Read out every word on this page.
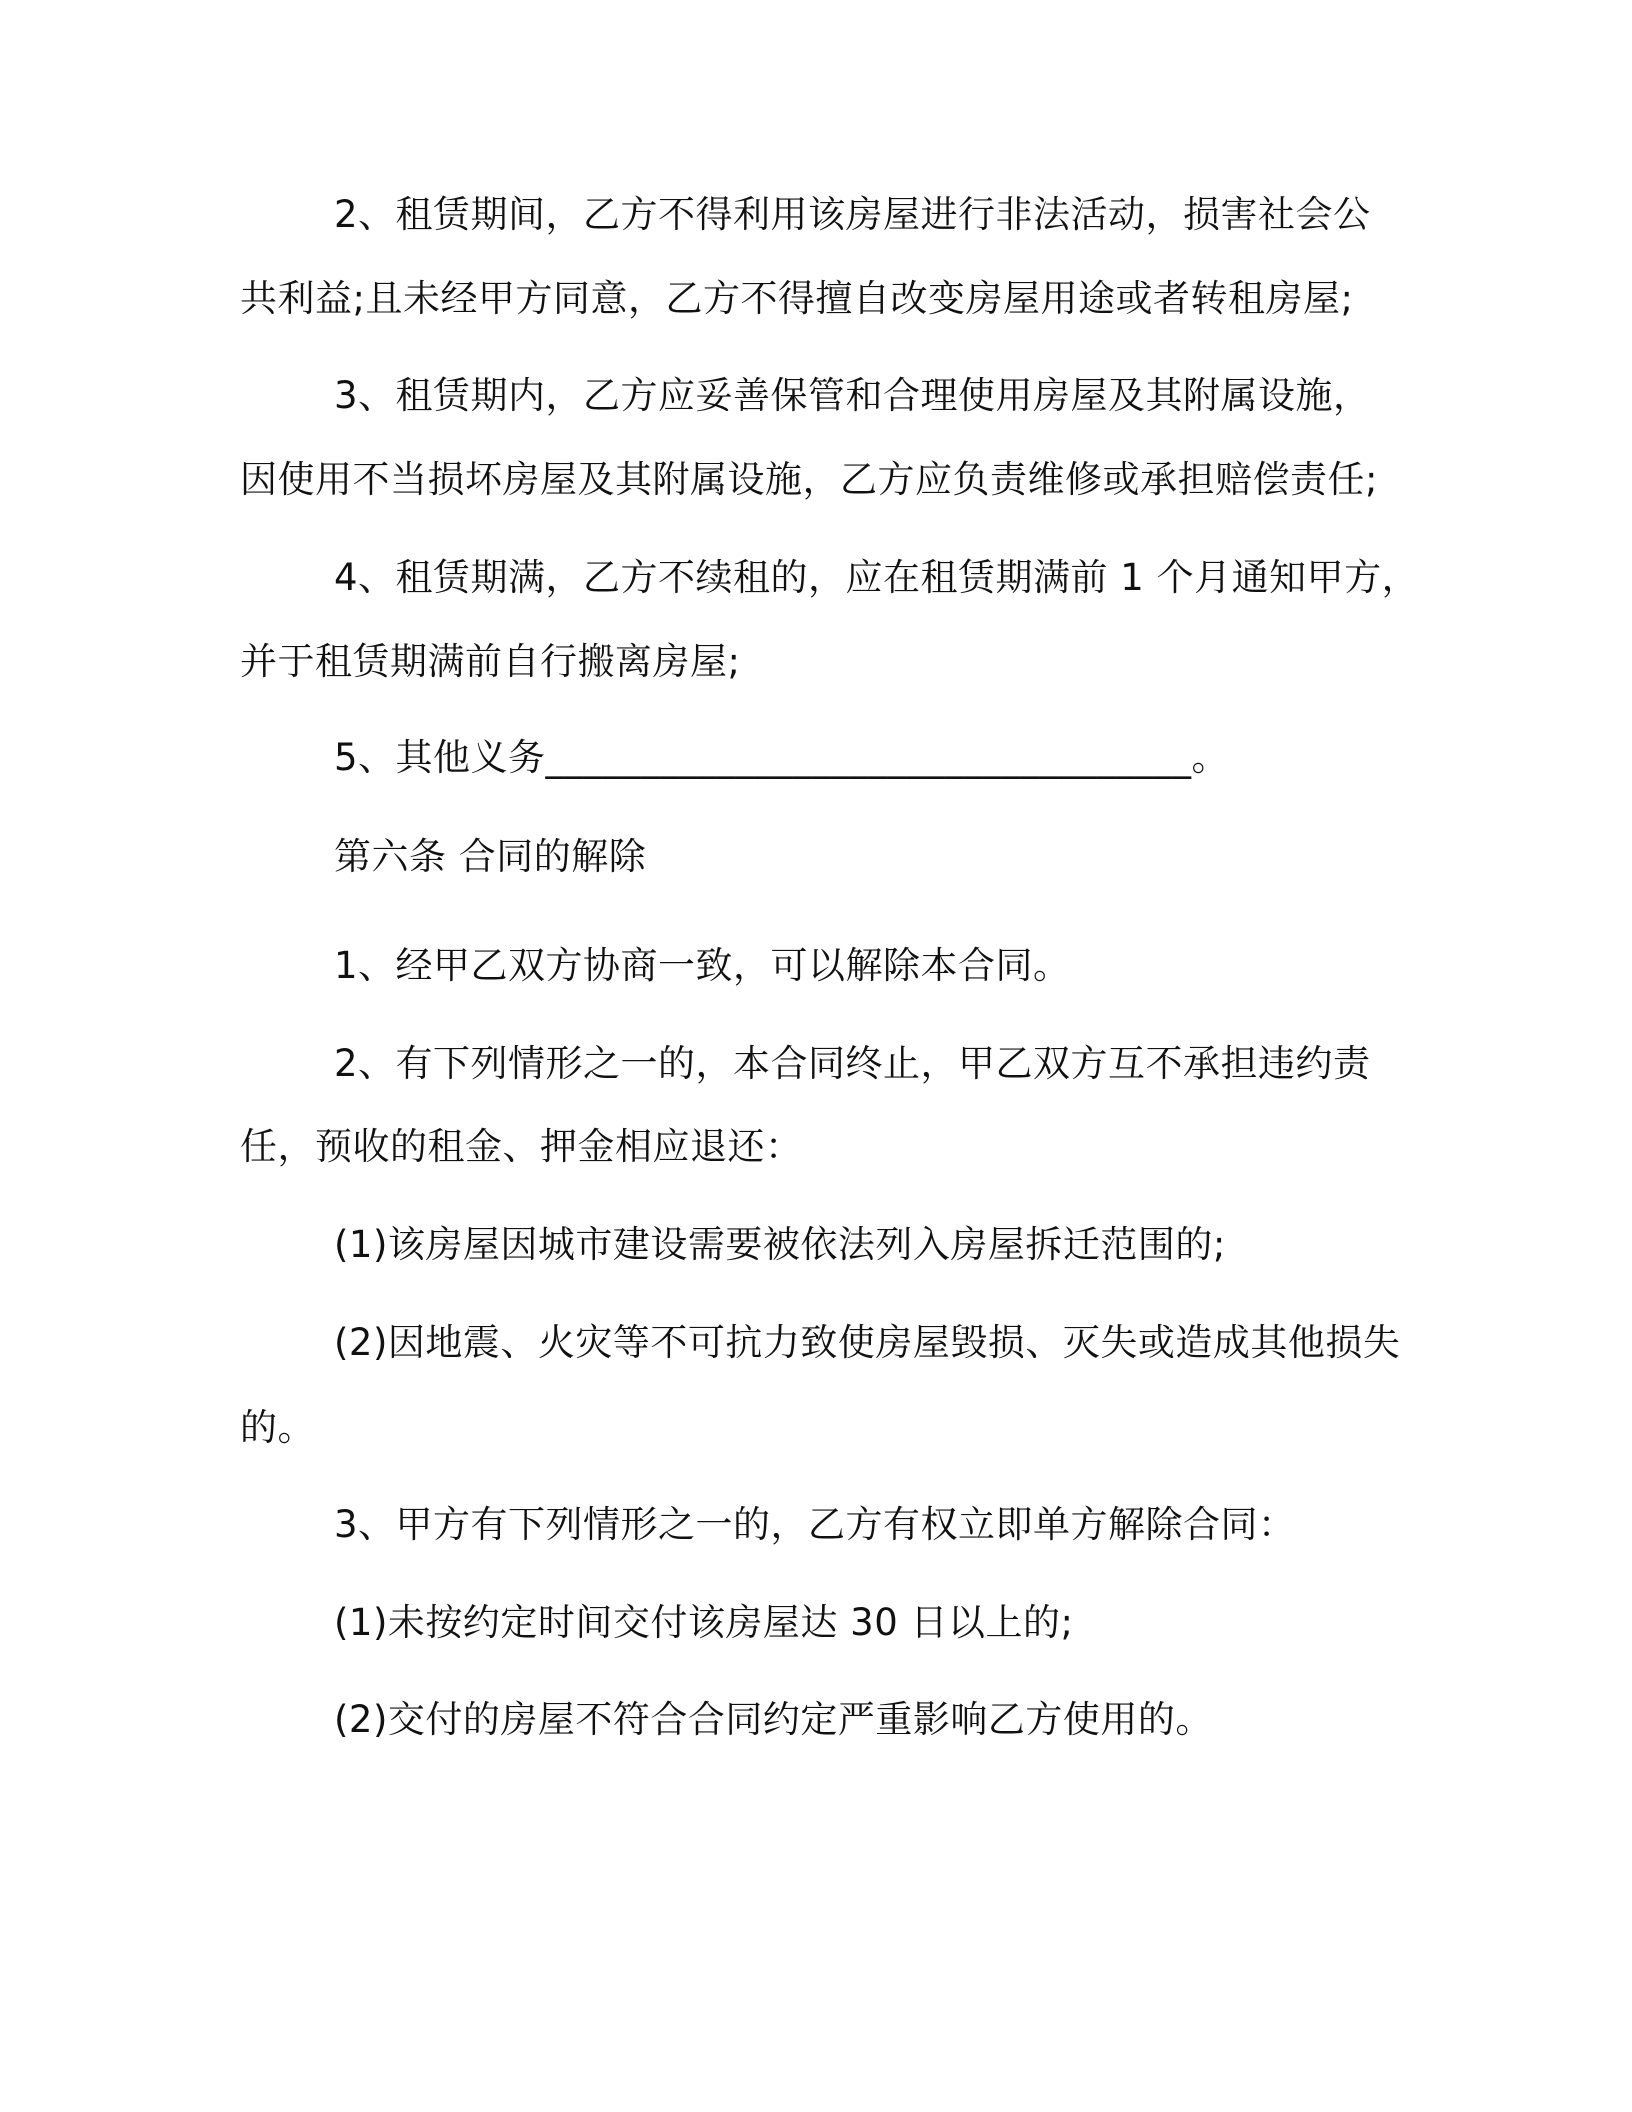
2、租赁期间，乙方不得利用该房屋进行非法活动，损害社会公
共利益;且未经甲方同意，乙方不得擅自改变房屋用途或者转租房屋;
3、租赁期内，乙方应妥善保管和合理使用房屋及其附属设施，
因使用不当损坏房屋及其附属设施，乙方应负责维修或承担赔偿责任;
4、租赁期满，乙方不续租的，应在租赁期满前 1 个月通知甲方，
并于租赁期满前自行搬离房屋;
5、其他义务__________________________________。
第六条 合同的解除
1、经甲乙双方协商一致，可以解除本合同。
2、有下列情形之一的，本合同终止，甲乙双方互不承担违约责
任，预收的租金、押金相应退还：
(1)该房屋因城市建设需要被依法列入房屋拆迁范围的;
(2)因地震、火灾等不可抗力致使房屋毁损、灭失或造成其他损失
的。
3、甲方有下列情形之一的，乙方有权立即单方解除合同：
(1)未按约定时间交付该房屋达 30 日以上的;
(2)交付的房屋不符合合同约定严重影响乙方使用的。
